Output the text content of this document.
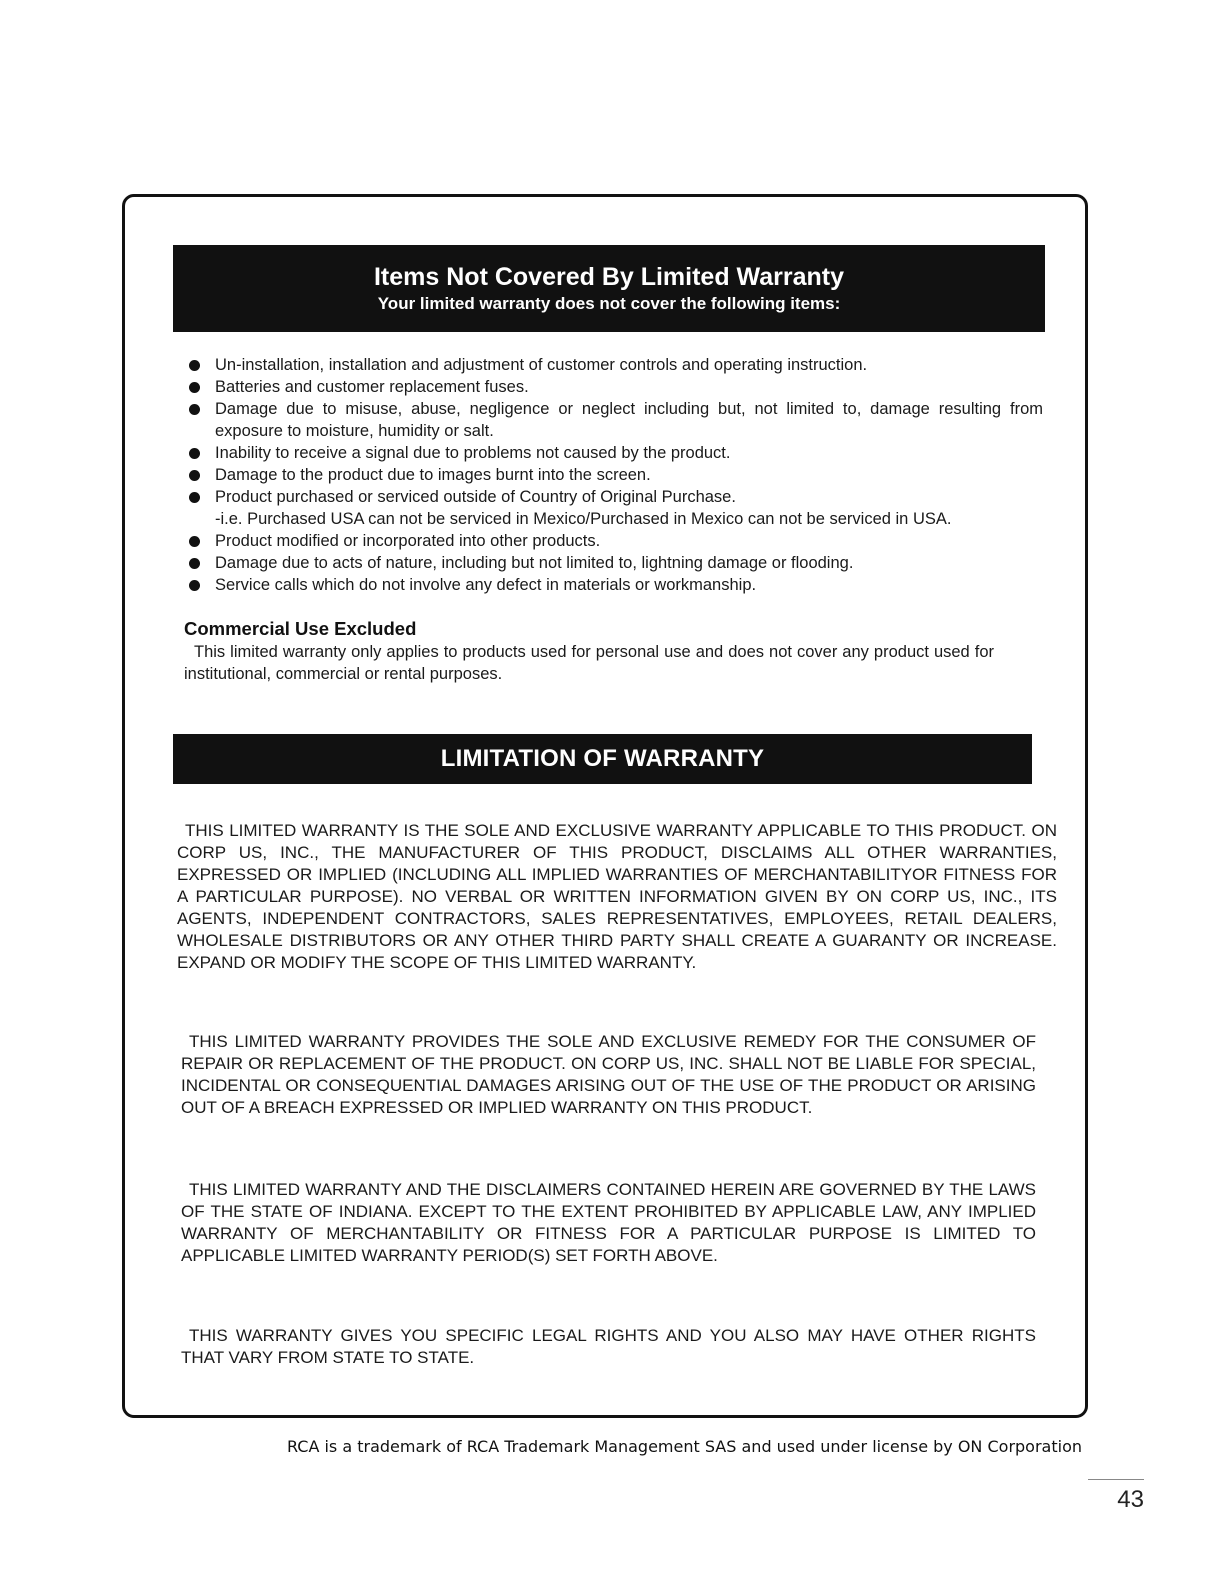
Items Not Covered By Limited Warranty
Your limited warranty does not cover the following items:
Un-installation, installation and adjustment of customer controls and operating instruction.
Batteries and customer replacement fuses.
Damage due to misuse, abuse, negligence or neglect including but, not limited to, damage resulting from exposure to moisture, humidity or salt.
Inability to receive a signal due to problems not caused by the product.
Damage to the product due to images burnt into the screen.
Product purchased or serviced outside of Country of Original Purchase.
-i.e. Purchased USA can not be serviced in Mexico/Purchased in Mexico can not be serviced in USA.
Product modified or incorporated into other products.
Damage due to acts of nature, including but not limited to, lightning damage or flooding.
Service calls which do not involve any defect in materials or workmanship.
Commercial Use Excluded
This limited warranty only applies to products used for personal use and does not cover any product used for institutional, commercial or rental purposes.
LIMITATION OF WARRANTY
THIS LIMITED WARRANTY IS THE SOLE AND EXCLUSIVE WARRANTY APPLICABLE TO THIS PRODUCT. ON CORP US, INC., THE MANUFACTURER OF THIS PRODUCT, DISCLAIMS ALL OTHER WARRANTIES, EXPRESSED OR IMPLIED (INCLUDING ALL IMPLIED WARRANTIES OF MERCHANTABILITYOR FITNESS FOR A PARTICULAR PURPOSE). NO VERBAL OR WRITTEN INFORMATION GIVEN BY ON CORP US, INC., ITS AGENTS, INDEPENDENT CONTRACTORS, SALES REPRESENTATIVES, EMPLOYEES, RETAIL DEALERS, WHOLESALE DISTRIBUTORS OR ANY OTHER THIRD PARTY SHALL CREATE A GUARANTY OR INCREASE. EXPAND OR MODIFY THE SCOPE OF THIS LIMITED WARRANTY.
THIS LIMITED WARRANTY PROVIDES THE SOLE AND EXCLUSIVE REMEDY FOR THE CONSUMER OF REPAIR OR REPLACEMENT OF THE PRODUCT. ON CORP US, INC. SHALL NOT BE LIABLE FOR SPECIAL, INCIDENTAL OR CONSEQUENTIAL DAMAGES ARISING OUT OF THE USE OF THE PRODUCT OR ARISING OUT OF A BREACH EXPRESSED OR IMPLIED WARRANTY ON THIS PRODUCT.
THIS LIMITED WARRANTY AND THE DISCLAIMERS CONTAINED HEREIN ARE GOVERNED BY THE LAWS OF THE STATE OF INDIANA. EXCEPT TO THE EXTENT PROHIBITED BY APPLICABLE LAW, ANY IMPLIED WARRANTY OF MERCHANTABILITY OR FITNESS FOR A PARTICULAR PURPOSE IS LIMITED TO APPLICABLE LIMITED WARRANTY PERIOD(S) SET FORTH ABOVE.
THIS WARRANTY GIVES YOU SPECIFIC LEGAL RIGHTS AND YOU ALSO MAY HAVE OTHER RIGHTS THAT VARY FROM STATE TO STATE.
RCA is a trademark of RCA Trademark Management SAS and used under license by ON Corporation
43
